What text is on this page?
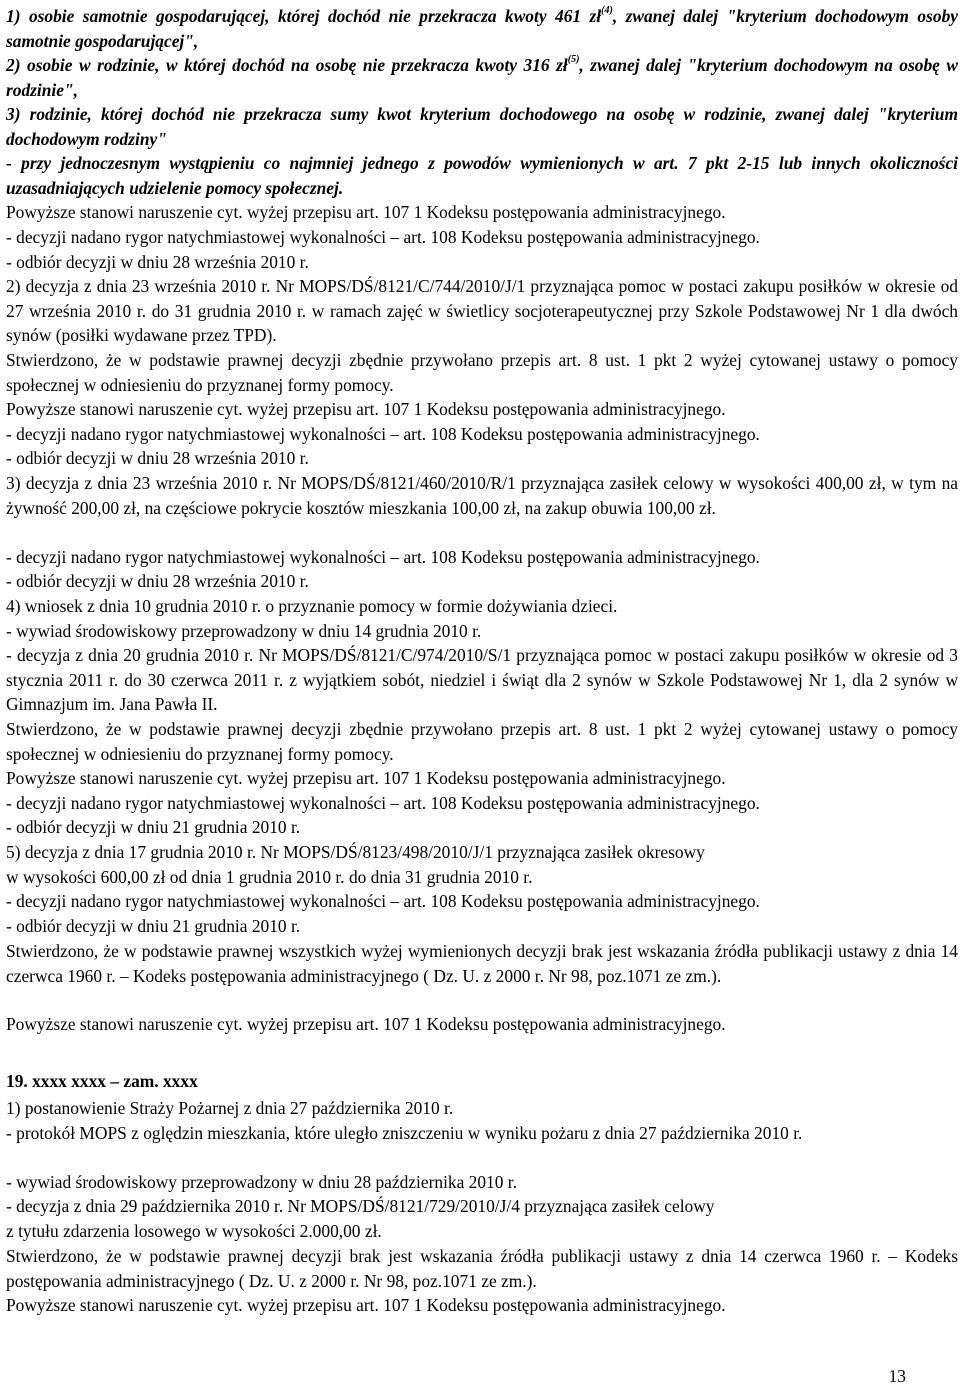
1) osobie samotnie gospodarującej, której dochód nie przekracza kwoty 461 $zł^{(4)}$, zwanej dalej "kryterium dochodowym osoby samotnie gospodarującej",

2) osobie w rodzinie, w której dochód na osobę nie przekracza kwoty 316 $zł^{(5)}$, zwanej dalej "kryterium dochodowym na osobę w rodzinie",

3) rodzinie, której dochód nie przekracza sumy kwot kryterium dochodowego na osobę w rodzinie, zwanej dalej "kryterium dochodowym rodziny"

- przy jednoczesnym wystąpieniu co najmniej jednego z powodów wymienionych w art. 7 pkt 2-15 lub innych okoliczności uzasadniających udzielenie pomocy społecznej.

Powyższe stanowi naruszenie cyt. wyżej przepisu art. 107 1 Kodeksu postępowania administracyjnego.

- decyzji nadano rygor natychmiastowej wykonalności – art. 108 Kodeksu postępowania administracyjnego.

- odbiór decyzji w dniu 28 września 2010 r.

2) decyzja z dnia 23 września 2010 r. Nr MOPS/DŚ/8121/C/744/2010/J/1 przyznająca pomoc w postaci zakupu posiłków w okresie od 27 września 2010 r. do 31 grudnia 2010 r. w ramach zajęć w świetlicy socjoterapeutycznej przy Szkole Podstawowej Nr 1 dla dwóch synów (posiłki wydawane przez TPD).

Stwierdzono, że w podstawie prawnej decyzji zbędnie przywołano przepis art. 8 ust. 1 pkt 2 wyżej cytowanej ustawy o pomocy społecznej w odniesieniu do przyznanej formy pomocy.

Powyższe stanowi naruszenie cyt. wyżej przepisu art. 107 1 Kodeksu postępowania administracyjnego.

- decyzji nadano rygor natychmiastowej wykonalności – art. 108 Kodeksu postępowania administracyjnego.

- odbiór decyzji w dniu 28 września 2010 r.

3) decyzja z dnia 23 września 2010 r. Nr MOPS/DŚ/8121/460/2010/R/1 przyznająca zasiłek celowy w wysokości 400,00 zł, w tym na żywność 200,00 zł, na częściowe pokrycie kosztów mieszkania 100,00 zł, na zakup obuwia 100,00 zł.

- decyzji nadano rygor natychmiastowej wykonalności – art. 108 Kodeksu postępowania administracyjnego.

- odbiór decyzji w dniu 28 września 2010 r.

4) wniosek z dnia 10 grudnia 2010 r. o przyznanie pomocy w formie dożywiania dzieci.

- wywiad środowiskowy przeprowadzony w dniu 14 grudnia 2010 r.

- decyzja z dnia 20 grudnia 2010 r. Nr MOPS/DŚ/8121/C/974/2010/S/1 przyznająca pomoc w postaci zakupu posiłków w okresie od 3 stycznia 2011 r. do 30 czerwca 2011 r. z wyjątkiem sobót, niedziel i świąt dla 2 synów w Szkole Podstawowej Nr 1, dla 2 synów w Gimnazjum im. Jana Pawła II.

Stwierdzono, że w podstawie prawnej decyzji zbędnie przywołano przepis art. 8 ust. 1 pkt 2 wyżej cytowanej ustawy o pomocy społecznej w odniesieniu do przyznanej formy pomocy.

Powyższe stanowi naruszenie cyt. wyżej przepisu art. 107 1 Kodeksu postępowania administracyjnego.

- decyzji nadano rygor natychmiastowej wykonalności – art. 108 Kodeksu postępowania administracyjnego.

- odbiór decyzji w dniu 21 grudnia 2010 r.

5) decyzja z dnia 17 grudnia 2010 r. Nr MOPS/DŚ/8123/498/2010/J/1 przyznająca zasiłek okresowy

w wysokości 600,00 zł od dnia 1 grudnia 2010 r. do dnia 31 grudnia 2010 r.

- decyzji nadano rygor natychmiastowej wykonalności – art. 108 Kodeksu postępowania administracyjnego.

- odbiór decyzji w dniu 21 grudnia 2010 r.

Stwierdzono, że w podstawie prawnej wszystkich wyżej wymienionych decyzji brak jest wskazania źródła publikacji ustawy z dnia 14 czerwca 1960 r. – Kodeks postępowania administracyjnego ( Dz. U. z 2000 r. Nr 98, poz.1071 ze zm.).

Powyższe stanowi naruszenie cyt. wyżej przepisu art. 107 1 Kodeksu postępowania administracyjnego.

19. xxxx xxxx – zam. xxxx

1) postanowienie Straży Pożarnej z dnia 27 października 2010 r.

- protokół MOPS z oględzin mieszkania, które uległo zniszczeniu w wyniku pożaru z dnia 27 października 2010 r.

- wywiad środowiskowy przeprowadzony w dniu 28 października 2010 r.

- decyzja z dnia 29 października 2010 r. Nr MOPS/DŚ/8121/729/2010/J/4 przyznająca zasiłek celowy

z tytułu zdarzenia losowego w wysokości 2.000,00 zł.

Stwierdzono, że w podstawie prawnej decyzji brak jest wskazania źródła publikacji ustawy z dnia 14 czerwca 1960 r. – Kodeks postępowania administracyjnego ( Dz. U. z 2000 r. Nr 98, poz.1071 ze zm.).

Powyższe stanowi naruszenie cyt. wyżej przepisu art. 107 1 Kodeksu postępowania administracyjnego.

13
